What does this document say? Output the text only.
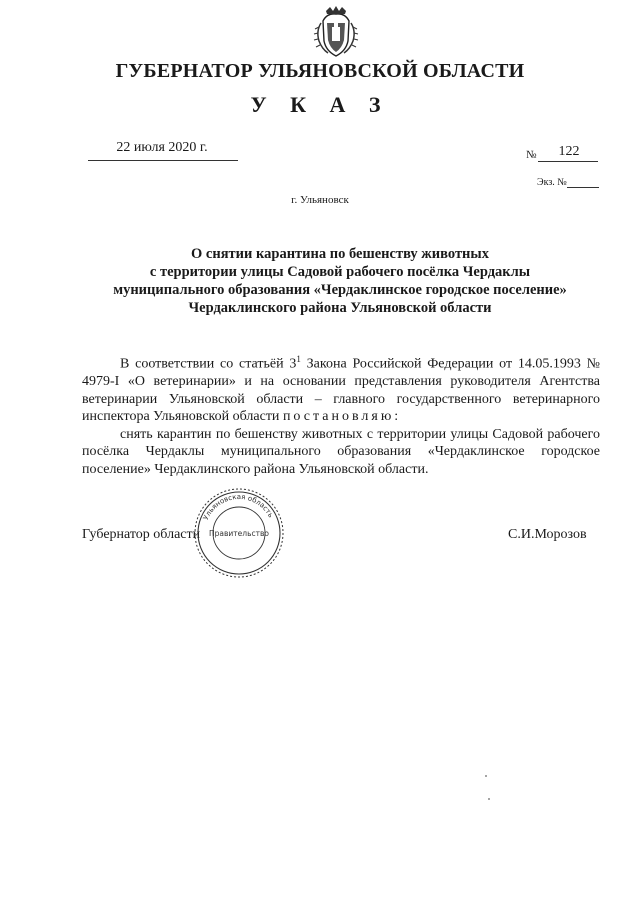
ГУБЕРНАТОР УЛЬЯНОВСКОЙ ОБЛАСТИ
У К А З
22 июля 2020 г.	№	122
Экз. №
г. Ульяновск
О снятии карантина по бешенству животных
с территории улицы Садовой рабочего посёлка Чердаклы
муниципального образования «Чердаклинское городское поселение»
Чердаклинского района Ульяновской области

В соответствии со статьёй $3^1$ Закона Российской Федерации от 14.05.1993 № 4979-I «О ветеринарии» и на основании представления руководителя Агентства ветеринарии Ульяновской области – главного государственного ветеринарного инспектора Ульяновской области постановляю:

снять карантин по бешенству животных с территории улицы Садовой рабочего посёлка Чердаклы муниципального образования «Чердаклинское городское поселение» Чердаклинского района Ульяновской области.

Губернатор области	С.И.Морозов
Ульяновская область
Правительство
